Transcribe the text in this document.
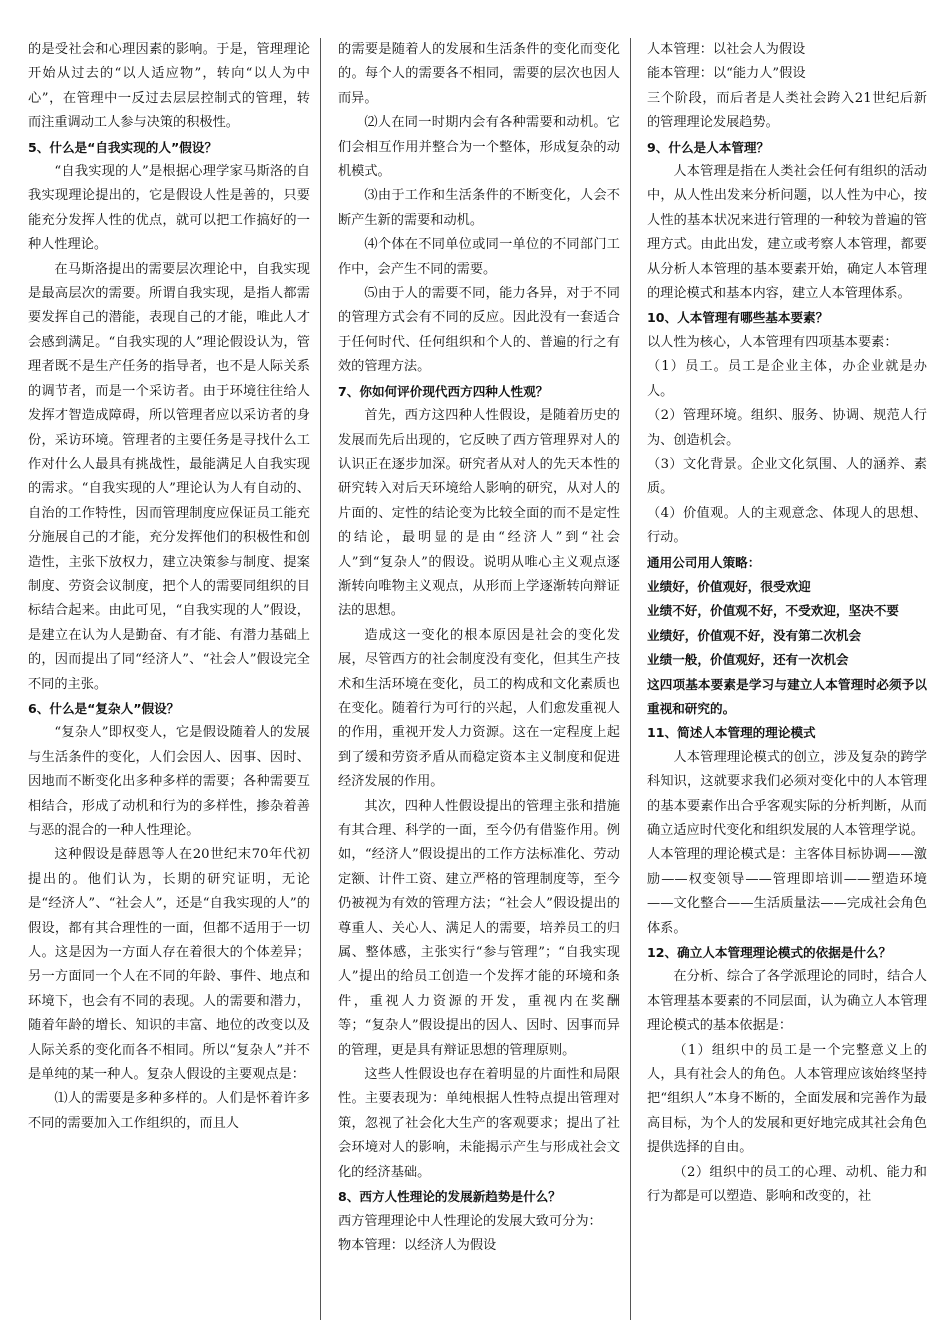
的是受社会和心理因素的影响。于是，管理理论开始从过去的“以人适应物”，转向“以人为中心”，在管理中一反过去层层控制式的管理，转而注重调动工人参与决策的积极性。

5、什么是“自我实现的人”假设？

“自我实现的人”是根据心理学家马斯洛的自我实现理论提出的，它是假设人性是善的，只要能充分发挥人性的优点，就可以把工作搞好的一种人性理论。

在马斯洛提出的需要层次理论中，自我实现是最高层次的需要。所谓自我实现，是指人都需要发挥自己的潜能，表现自己的才能，唯此人才会感到满足。“自我实现的人”理论假设认为，管理者既不是生产任务的指导者，也不是人际关系的调节者，而是一个采访者。由于环境往往给人发挥才智造成障碍，所以管理者应以采访者的身份，采访环境。管理者的主要任务是寻找什么工作对什么人最具有挑战性，最能满足人自我实现的需求。“自我实现的人”理论认为人有自动的、自治的工作特性，因而管理制度应保证员工能充分施展自己的才能，充分发挥他们的积极性和创造性，主张下放权力，建立决策参与制度、提案制度、劳资会议制度，把个人的需要同组织的目标结合起来。由此可见，“自我实现的人”假设，是建立在认为人是勤奋、有才能、有潜力基础上的，因而提出了同“经济人”、“社会人”假设完全不同的主张。

6、什么是“复杂人”假设？

“复杂人”即权变人，它是假设随着人的发展与生活条件的变化，人们会因人、因事、因时、因地而不断变化出多种多样的需要；各种需要互相结合，形成了动机和行为的多样性，掺杂着善与恶的混合的一种人性理论。

这种假设是薛恩等人在20世纪末70年代初提出的。他们认为，长期的研究证明，无论是“经济人”、“社会人”，还是“自我实现的人”的假设，都有其合理性的一面，但都不适用于一切人。这是因为一方面人存在着很大的个体差异；另一方面同一个人在不同的年龄、事件、地点和环境下，也会有不同的表现。人的需要和潜力，随着年龄的增长、知识的丰富、地位的改变以及人际关系的变化而各不相同。所以“复杂人”并不是单纯的某一种人。复杂人假设的主要观点是：

⑴人的需要是多种多样的。人们是怀着许多不同的需要加入工作组织的，而且人

的需要是随着人的发展和生活条件的变化而变化的。每个人的需要各不相同，需要的层次也因人而异。

⑵人在同一时期内会有各种需要和动机。它们会相互作用并整合为一个整体，形成复杂的动机模式。

⑶由于工作和生活条件的不断变化，人会不断产生新的需要和动机。

⑷个体在不同单位或同一单位的不同部门工作中，会产生不同的需要。

⑸由于人的需要不同，能力各异，对于不同的管理方式会有不同的反应。因此没有一套适合于任何时代、任何组织和个人的、普遍的行之有效的管理方法。

7、你如何评价现代西方四种人性观？

首先，西方这四种人性假设，是随着历史的发展而先后出现的，它反映了西方管理界对人的认识正在逐步加深。研究者从对人的先天本性的研究转入对后天环境给人影响的研究，从对人的片面的、定性的结论变为比较全面的而不是定性的结论，最明显的是由“经济人”到“社会人”到“复杂人”的假设。说明从唯心主义观点逐渐转向唯物主义观点，从形而上学逐渐转向辩证法的思想。

造成这一变化的根本原因是社会的变化发展，尽管西方的社会制度没有变化，但其生产技术和生活环境在变化，员工的构成和文化素质也在变化。随着行为可行的兴起，人们愈发重视人的作用，重视开发人力资源。这在一定程度上起到了缓和劳资矛盾从而稳定资本主义制度和促进经济发展的作用。

其次，四种人性假设提出的管理主张和措施有其合理、科学的一面，至今仍有借鉴作用。例如，“经济人”假设提出的工作方法标准化、劳动定额、计件工资、建立严格的管理制度等，至今仍被视为有效的管理方法；“社会人”假设提出的尊重人、关心人、满足人的需要，培养员工的归属、整体感，主张实行“参与管理”；“自我实现人”提出的给员工创造一个发挥才能的环境和条件，重视人力资源的开发，重视内在奖酬等；“复杂人”假设提出的因人、因时、因事而异的管理，更是具有辩证思想的管理原则。

这些人性假设也存在着明显的片面性和局限性。主要表现为：单纯根据人性特点提出管理对策，忽视了社会化大生产的客观要求；提出了社会环境对人的影响，未能揭示产生与形成社会文化的经济基础。

8、西方人性理论的发展新趋势是什么？

西方管理理论中人性理论的发展大致可分为：

物本管理：以经济人为假设

人本管理：以社会人为假设

能本管理：以“能力人”假设

三个阶段，而后者是人类社会跨入21世纪后新的管理理论发展趋势。

9、什么是人本管理？

人本管理是指在人类社会任何有组织的活动中，从人性出发来分析问题，以人性为中心，按人性的基本状况来进行管理的一种较为普遍的管理方式。由此出发，建立或考察人本管理，都要从分析人本管理的基本要素开始，确定人本管理的理论模式和基本内容，建立人本管理体系。

10、人本管理有哪些基本要素？

以人性为核心，人本管理有四项基本要素：

（1）员工。员工是企业主体，办企业就是办人。

（2）管理环境。组织、服务、协调、规范人行为、创造机会。

（3）文化背景。企业文化氛围、人的涵养、素质。

（4）价值观。人的主观意念、体现人的思想、行动。

通用公司用人策略：

业绩好，价值观好，很受欢迎

业绩不好，价值观不好，不受欢迎，坚决不要

业绩好，价值观不好，没有第二次机会

业绩一般，价值观好，还有一次机会

这四项基本要素是学习与建立人本管理时必须予以重视和研究的。

11、简述人本管理的理论模式

人本管理理论模式的创立，涉及复杂的跨学科知识，这就要求我们必须对变化中的人本管理的基本要素作出合乎客观实际的分析判断，从而确立适应时代变化和组织发展的人本管理学说。

人本管理的理论模式是：主客体目标协调——激励——权变领导——管理即培训——塑造环境——文化整合——生活质量法——完成社会角色体系。

12、确立人本管理理论模式的依据是什么？

在分析、综合了各学派理论的同时，结合人本管理基本要素的不同层面，认为确立人本管理理论模式的基本依据是：

（1）组织中的员工是一个完整意义上的人，具有社会人的角色。人本管理应该始终坚持把“组织人”本身不断的，全面发展和完善作为最高目标，为个人的发展和更好地完成其社会角色提供选择的自由。

（2）组织中的员工的心理、动机、能力和行为都是可以塑造、影响和改变的，社
